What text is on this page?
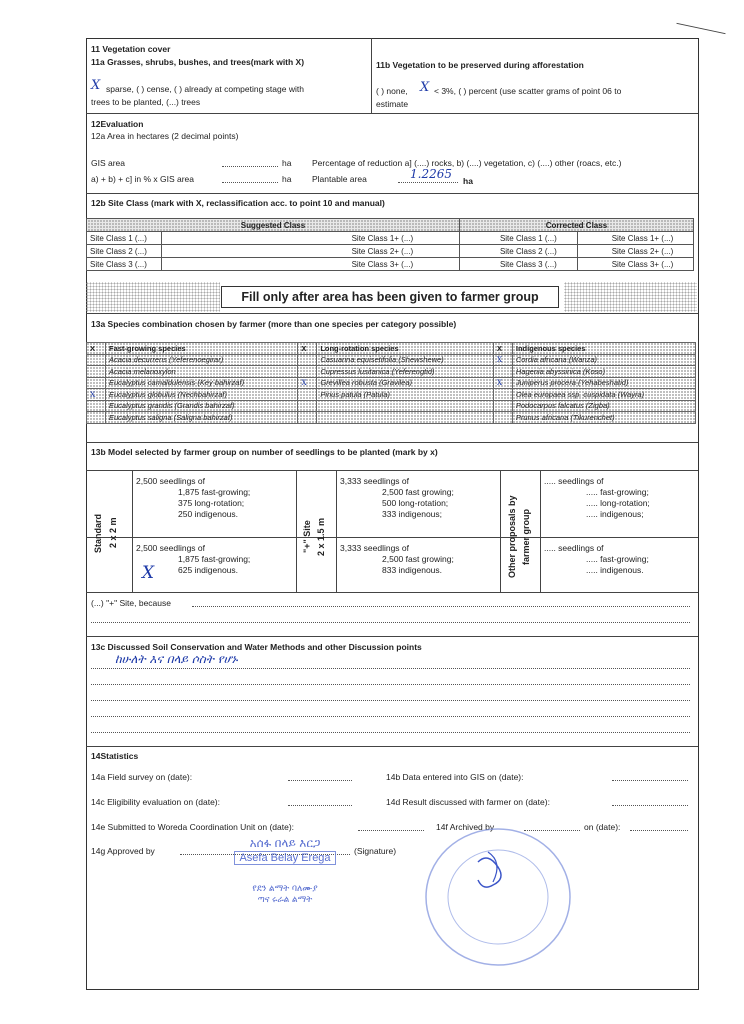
11 Vegetation cover
11a Grasses, shrubs, bushes, and trees(mark with X)	11b Vegetation to be preserved during afforestation
X sparse, ( ) cense, ( ) already at competing stage with
trees to be planted, (...) trees
( ) none, X < 3%, ( ) percent (use scatter grams of point 06 to
estimate
12Evaluation
12a Area in hectares (2 decimal points)
GIS area	ha Percentage of reduction a] (....) rocks, b) (....) vegetation, c) (....) other (roacs, etc.)
a) + b) + c] in % x GIS area	ha Plantable area	1.2265 ha
12b Site Class (mark with X, reclassification acc. to point 10 and manual)
Suggested Class		Corrected Class	
Site Class 1 (...)	Site Class 1+ (...)	Site Class 1 (...)	Site Class 1+ (...)
Site Class 2 (...)	Site Class 2+ (...)	Site Class 2 (...)	Site Class 2+ (...)
Site Class 3 (...)	Site Class 3+ (...)	Site Class 3 (...)	Site Class 3+ (...)
Fill only after area has been given to farmer group
13a Species combination chosen by farmer (more than one species per category possible)
X	Fast-growing species	X	Long-rotation species	X	Indigenous species
	Acacia decurrens (Yeferenoegirar)		Casuarina equisetifolia (Shewshewe)	X	Cordia africana (Wanza)
	Acacia melanoxylon		Cupressus lusitanica (Yeferengtid)		Hagenia abyssinica (Koso)
	Eucalyptus camaldulensis (Key bahirzaf)	X	Grevillea robusta (Gravilea)	X	Juniperus procera (Yehabeshatid)
X	Eucalyptus globulus (Nechbahirzaf)		Pinus patula (Patula)		Olea europaea ssp. cuspidata (Wayra)
	Eucalyptus grandis (Grandis bahirzaf)				Podocarpus falcatus (Zigba)
	Eucalyptus saligna (Saligna bahirzaf)				Prunus africana (Tikurenchet)
13b Model selected by farmer group on number of seedlings to be planted (mark by x)
Standard 2 x 2 m	"+" Site 2 x 1.5 m	Other proposals by farmer group
2,500 seedlings of
1,875 fast-growing;
375 long-rotation;
250 indigenous.
2,500 seedlings of
1,875 fast-growing;
625 indigenous.
X
3,333 seedlings of
2,500 fast growing;
500 long-rotation;
333 indigenous;
3,333 seedlings of
2,500 fast growing;
833 indigenous.
..... seedlings of
..... fast-growing;
..... long-rotation;
..... indigenous;
..... seedlings of
..... fast-growing;
..... indigenous.
(...) "+" Site, because
13c Discussed Soil Conservation and Water Methods and other Discussion points
ከሁለት እና በላይ ሶስት የሆኑ
14Statistics
14a Field survey on (date):	14b Data entered into GIS on (date):
14c Eligibility evaluation on (date):	14d Result discussed with farmer on (date):
14e Submitted to Woreda Coordination Unit on (date):	14f Archived by	on (date):
14g Approved by	(Signature)
አሰፋ በላይ እርጋ
Asefa Belay Erega
የደን ልማት ባለሙያ
ጣና ሩራል ልማት
